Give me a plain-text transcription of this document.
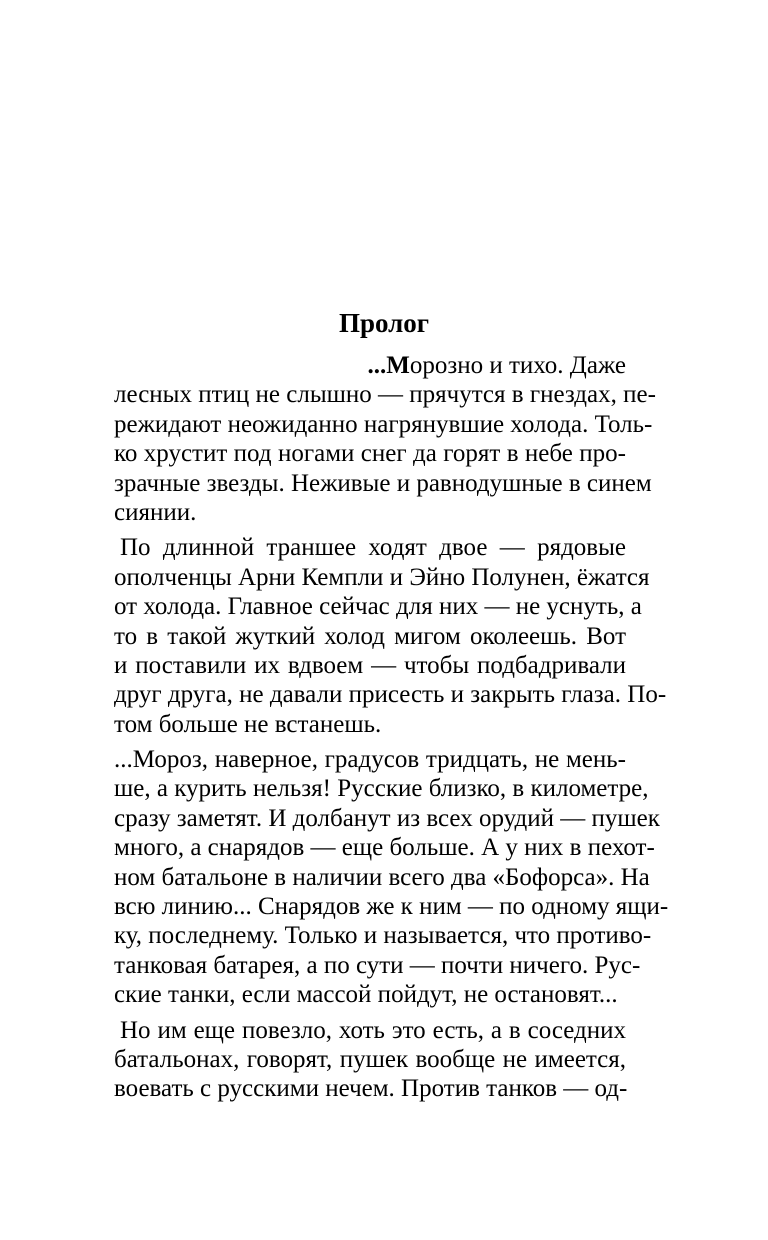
Пролог
...Морозно и тихо. Даже
лесных птиц не слышно — прячутся в гнездах, пе-
режидают неожиданно нагрянувшие холода. Толь-
ко хрустит под ногами снег да горят в небе про-
зрачные звезды. Неживые и равнодушные в синем
сиянии.
По длинной траншее ходят двое — рядовые
ополченцы Арни Кемпли и Эйно Полунен, ёжатся
от холода. Главное сейчас для них — не уснуть, а
то в такой жуткий холод мигом околеешь. Вот
и поставили их вдвоем — чтобы подбадривали
друг друга, не давали присесть и закрыть глаза. По-
том больше не встанешь.
...Мороз, наверное, градусов тридцать, не мень-
ше, а курить нельзя! Русские близко, в километре,
сразу заметят. И долбанут из всех орудий — пушек
много, а снарядов — еще больше. А у них в пехот-
ном батальоне в наличии всего два «Бофорса». На
всю линию... Снарядов же к ним — по одному ящи-
ку, последнему. Только и называется, что противо-
танковая батарея, а по сути — почти ничего. Рус-
ские танки, если массой пойдут, не остановят...
Но им еще повезло, хоть это есть, а в соседних
батальонах, говорят, пушек вообще не имеется,
воевать с русскими нечем. Против танков — од-
